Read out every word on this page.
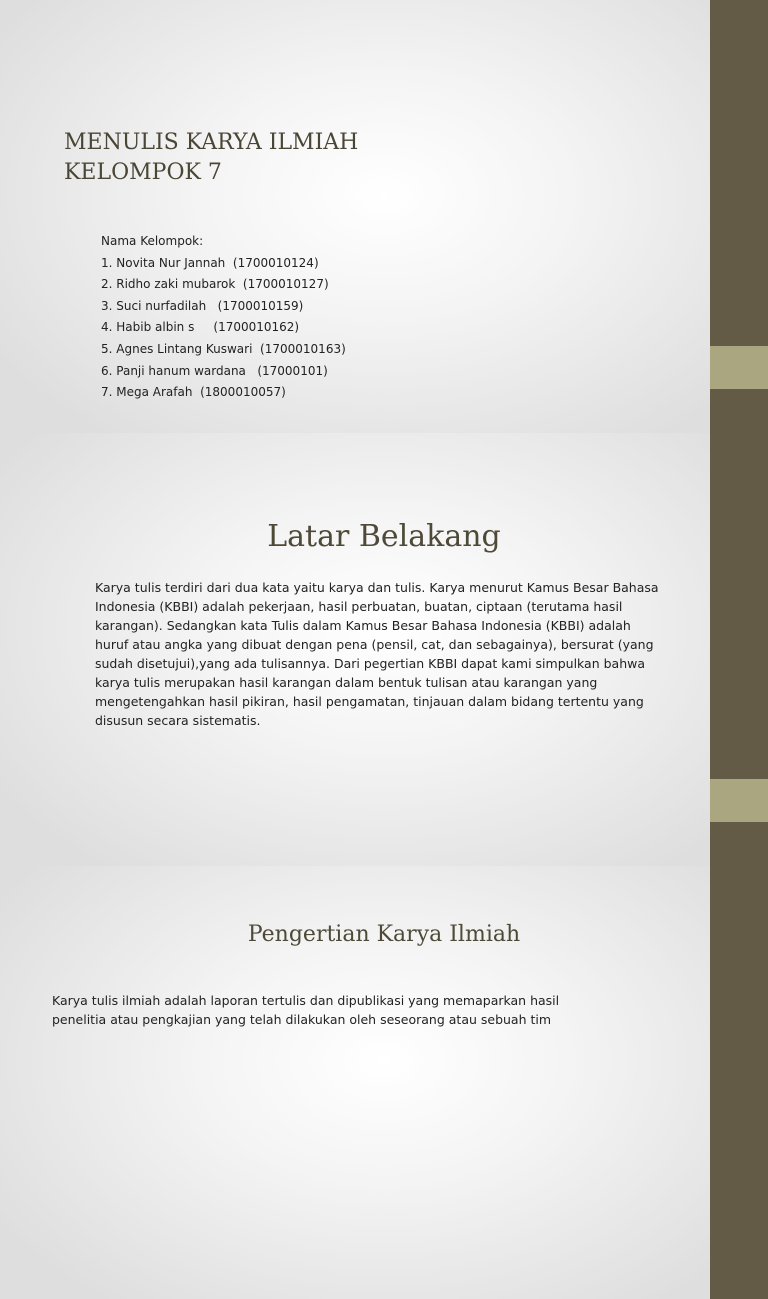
MENULIS KARYA ILMIAH
KELOMPOK 7
Nama Kelompok:
1. Novita Nur Jannah  (1700010124)
2. Ridho zaki mubarok  (1700010127)
3. Suci nurfadilah   (1700010159)
4. Habib albin s     (1700010162)
5. Agnes Lintang Kuswari  (1700010163)
6. Panji hanum wardana   (17000101)
7. Mega Arafah  (1800010057)
Latar Belakang

Karya tulis terdiri dari dua kata yaitu karya dan tulis. Karya menurut Kamus Besar Bahasa Indonesia (KBBI) adalah pekerjaan, hasil perbuatan, buatan, ciptaan (terutama hasil karangan). Sedangkan kata Tulis dalam Kamus Besar Bahasa Indonesia (KBBI) adalah huruf atau angka yang dibuat dengan pena (pensil, cat, dan sebagainya), bersurat (yang sudah disetujui),yang ada tulisannya. Dari pegertian KBBI dapat kami simpulkan bahwa karya tulis merupakan hasil karangan dalam bentuk tulisan atau karangan yang mengetengahkan hasil pikiran, hasil pengamatan, tinjauan dalam bidang tertentu yang disusun secara sistematis.

Pengertian Karya Ilmiah

Karya tulis ilmiah adalah laporan tertulis dan dipublikasi yang memaparkan hasil penelitia atau pengkajian yang telah dilakukan oleh seseorang atau sebuah tim
